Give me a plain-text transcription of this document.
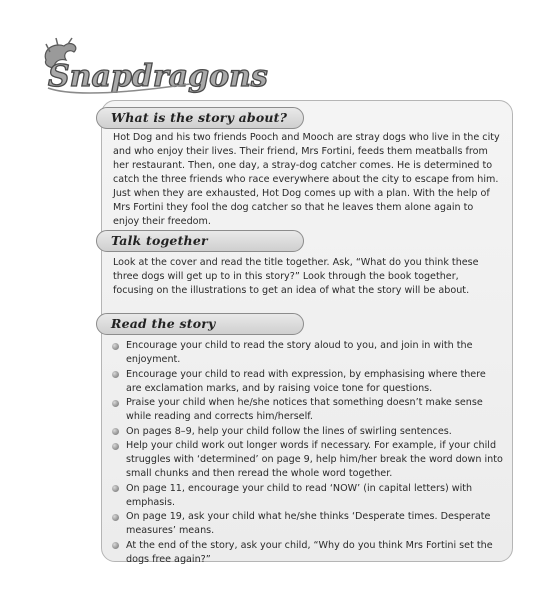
Snapdragons
What is the story about?
Hot Dog and his two friends Pooch and Mooch are stray dogs who live in the city and who enjoy their lives. Their friend, Mrs Fortini, feeds them meatballs from her restaurant. Then, one day, a stray-dog catcher comes. He is determined to catch the three friends who race everywhere about the city to escape from him. Just when they are exhausted, Hot Dog comes up with a plan. With the help of Mrs Fortini they fool the dog catcher so that he leaves them alone again to enjoy their freedom.
Talk together
Look at the cover and read the title together. Ask, “What do you think these three dogs will get up to in this story?” Look through the book together, focusing on the illustrations to get an idea of what the story will be about.
Read the story
Encourage your child to read the story aloud to you, and join in with the enjoyment.
Encourage your child to read with expression, by emphasising where there are exclamation marks, and by raising voice tone for questions.
Praise your child when he/she notices that something doesn’t make sense while reading and corrects him/herself.
On pages 8–9, help your child follow the lines of swirling sentences.
Help your child work out longer words if necessary. For example, if your child struggles with ‘determined’ on page 9, help him/her break the word down into small chunks and then reread the whole word together.
On page 11, encourage your child to read ‘NOW’ (in capital letters) with emphasis.
On page 19, ask your child what he/she thinks ‘Desperate times. Desperate measures’ means.
At the end of the story, ask your child, “Why do you think Mrs Fortini set the dogs free again?”
